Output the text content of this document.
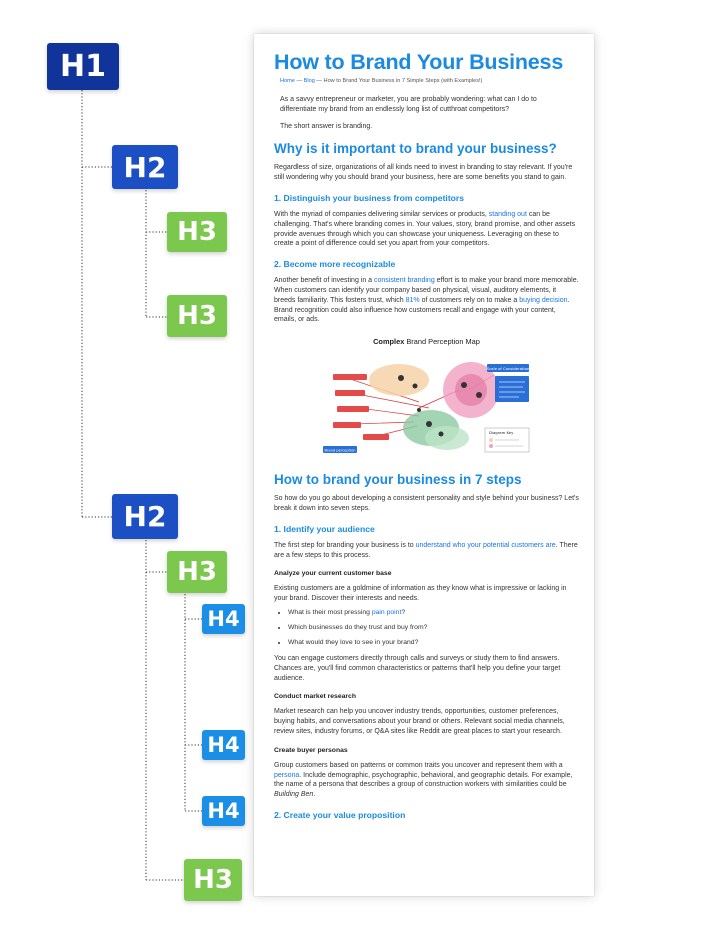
H1
H2
H3
H3
H2
H3
H4
H4
H4
H3
How to Brand Your Business
Home — Blog — How to Brand Your Business in 7 Simple Steps (with Examples!)

As a savvy entrepreneur or marketer, you are probably wondering: what can I do to differentiate my brand from an endlessly long list of cutthroat competitors?

The short answer is branding.

Why is it important to brand your business?

Regardless of size, organizations of all kinds need to invest in branding to stay relevant. If you're still wondering why you should brand your business, here are some benefits you stand to gain.

1. Distinguish your business from competitors

With the myriad of companies delivering similar services or products, standing out can be challenging. That's where branding comes in. Your values, story, brand promise, and other assets provide avenues through which you can showcase your uniqueness. Leveraging on these to create a point of difference could set you apart from your competitors.

2. Become more recognizable

Another benefit of investing in a consistent branding effort is to make your brand more memorable. When customers can identify your company based on physical, visual, auditory elements, it breeds familiarity. This fosters trust, which 81% of customers rely on to make a buying decision. Brand recognition could also influence how customers recall and engage with your content, emails, or ads.

Complex Brand Perception Map
Scale of Consideration
Brand perception
Diagram Key
How to brand your business in 7 steps

So how do you go about developing a consistent personality and style behind your business? Let's break it down into seven steps.

1. Identify your audience

The first step for branding your business is to understand who your potential customers are. There are a few steps to this process.

Analyze your current customer base

Existing customers are a goldmine of information as they know what is impressive or lacking in your brand. Discover their interests and needs.

• What is their most pressing pain point?
• Which businesses do they trust and buy from?
• What would they love to see in your brand?

You can engage customers directly through calls and surveys or study them to find answers. Chances are, you'll find common characteristics or patterns that'll help you define your target audience.

Conduct market research

Market research can help you uncover industry trends, opportunities, customer preferences, buying habits, and conversations about your brand or others. Relevant social media channels, review sites, industry forums, or Q&A sites like Reddit are great places to start your research.

Create buyer personas

Group customers based on patterns or common traits you uncover and represent them with a persona. Include demographic, psychographic, behavioral, and geographic details. For example, the name of a persona that describes a group of construction workers with similarities could be Building Ben.

2. Create your value proposition
